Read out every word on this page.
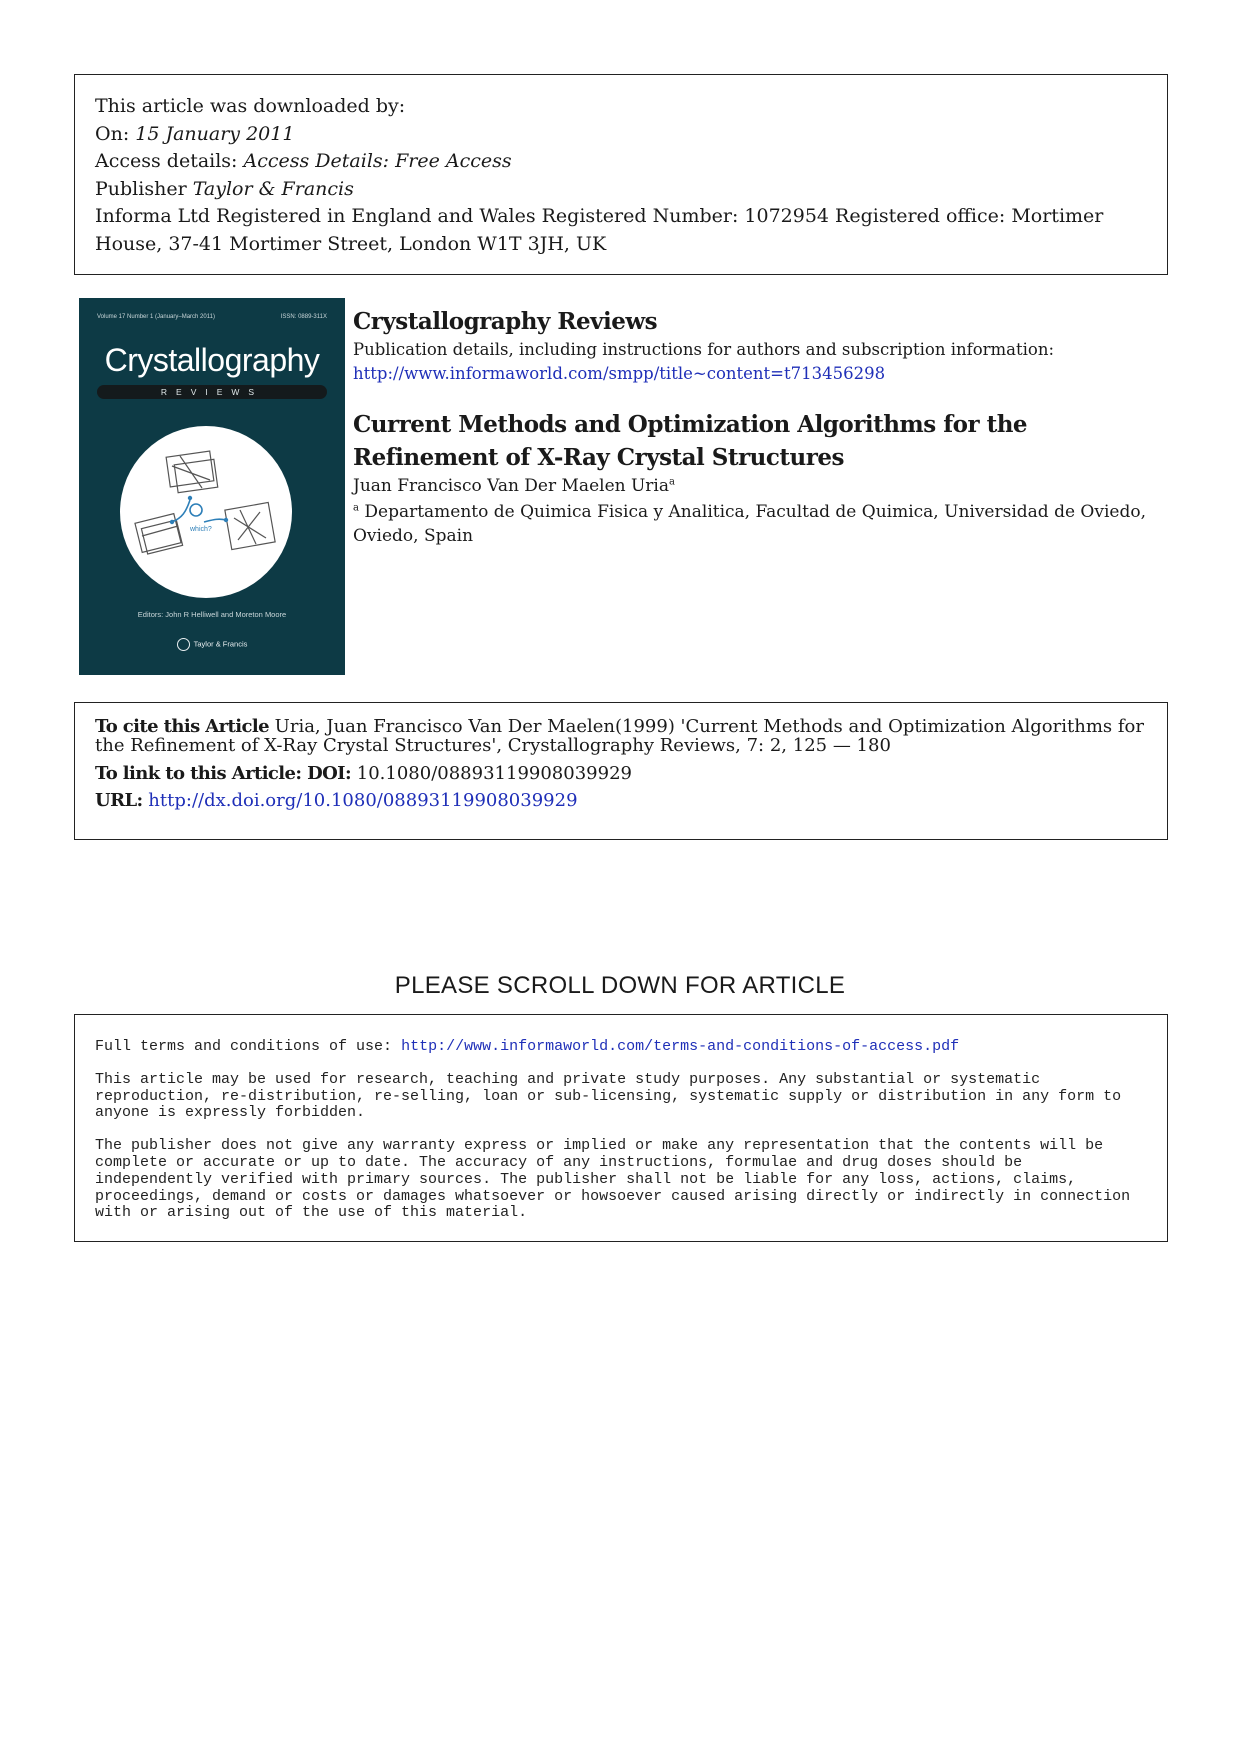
This article was downloaded by:
On: 15 January 2011
Access details: Access Details: Free Access
Publisher Taylor & Francis
Informa Ltd Registered in England and Wales Registered Number: 1072954 Registered office: Mortimer House, 37-41 Mortimer Street, London W1T 3JH, UK
Volume 17 Number 1 (January–March 2011)	ISSN: 0889-311X
Crystallography
REVIEWS
which?
Editors: John R Helliwell and Moreton Moore
Taylor & Francis
Crystallography Reviews
Publication details, including instructions for authors and subscription information:
http://www.informaworld.com/smpp/title~content=t713456298
Current Methods and Optimization Algorithms for the Refinement of X-Ray Crystal Structures
Juan Francisco Van Der Maelen Uria$^a$
$^a$ Departamento de Quimica Fisica y Analitica, Facultad de Quimica, Universidad de Oviedo, Oviedo, Spain
To cite this Article Uria, Juan Francisco Van Der Maelen(1999) 'Current Methods and Optimization Algorithms for the Refinement of X-Ray Crystal Structures', Crystallography Reviews, 7: 2, 125 — 180
To link to this Article: DOI: 10.1080/08893119908039929
URL: http://dx.doi.org/10.1080/08893119908039929
PLEASE SCROLL DOWN FOR ARTICLE

Full terms and conditions of use: http://www.informaworld.com/terms-and-conditions-of-access.pdf

This article may be used for research, teaching and private study purposes. Any substantial or systematic reproduction, re-distribution, re-selling, loan or sub-licensing, systematic supply or distribution in any form to anyone is expressly forbidden.

The publisher does not give any warranty express or implied or make any representation that the contents will be complete or accurate or up to date. The accuracy of any instructions, formulae and drug doses should be independently verified with primary sources. The publisher shall not be liable for any loss, actions, claims, proceedings, demand or costs or damages whatsoever or howsoever caused arising directly or indirectly in connection with or arising out of the use of this material.
